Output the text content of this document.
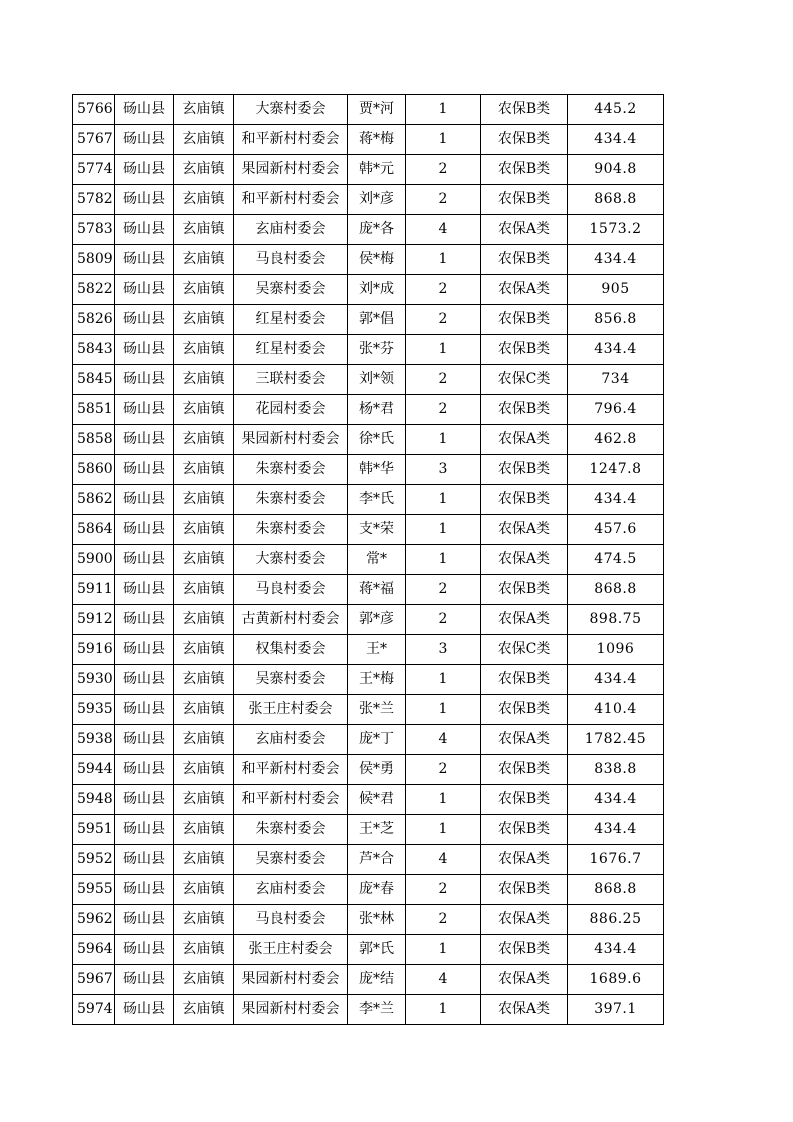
5766	砀山县	玄庙镇	大寨村委会	贾*河	1	农保B类	445.2
5767	砀山县	玄庙镇	和平新村村委会	蒋*梅	1	农保B类	434.4
5774	砀山县	玄庙镇	果园新村村委会	韩*元	2	农保B类	904.8
5782	砀山县	玄庙镇	和平新村村委会	刘*彦	2	农保B类	868.8
5783	砀山县	玄庙镇	玄庙村委会	庞*各	4	农保A类	1573.2
5809	砀山县	玄庙镇	马良村委会	侯*梅	1	农保B类	434.4
5822	砀山县	玄庙镇	吴寨村委会	刘*成	2	农保A类	905
5826	砀山县	玄庙镇	红星村委会	郭*倡	2	农保B类	856.8
5843	砀山县	玄庙镇	红星村委会	张*芬	1	农保B类	434.4
5845	砀山县	玄庙镇	三联村委会	刘*领	2	农保C类	734
5851	砀山县	玄庙镇	花园村委会	杨*君	2	农保B类	796.4
5858	砀山县	玄庙镇	果园新村村委会	徐*氏	1	农保A类	462.8
5860	砀山县	玄庙镇	朱寨村委会	韩*华	3	农保B类	1247.8
5862	砀山县	玄庙镇	朱寨村委会	李*氏	1	农保B类	434.4
5864	砀山县	玄庙镇	朱寨村委会	支*荣	1	农保A类	457.6
5900	砀山县	玄庙镇	大寨村委会	常*	1	农保A类	474.5
5911	砀山县	玄庙镇	马良村委会	蒋*福	2	农保B类	868.8
5912	砀山县	玄庙镇	古黄新村村委会	郭*彦	2	农保A类	898.75
5916	砀山县	玄庙镇	权集村委会	王*	3	农保C类	1096
5930	砀山县	玄庙镇	吴寨村委会	王*梅	1	农保B类	434.4
5935	砀山县	玄庙镇	张王庄村委会	张*兰	1	农保B类	410.4
5938	砀山县	玄庙镇	玄庙村委会	庞*丁	4	农保A类	1782.45
5944	砀山县	玄庙镇	和平新村村委会	侯*勇	2	农保B类	838.8
5948	砀山县	玄庙镇	和平新村村委会	候*君	1	农保B类	434.4
5951	砀山县	玄庙镇	朱寨村委会	王*芝	1	农保B类	434.4
5952	砀山县	玄庙镇	吴寨村委会	芦*合	4	农保A类	1676.7
5955	砀山县	玄庙镇	玄庙村委会	庞*春	2	农保B类	868.8
5962	砀山县	玄庙镇	马良村委会	张*林	2	农保A类	886.25
5964	砀山县	玄庙镇	张王庄村委会	郭*氏	1	农保B类	434.4
5967	砀山县	玄庙镇	果园新村村委会	庞*结	4	农保A类	1689.6
5974	砀山县	玄庙镇	果园新村村委会	李*兰	1	农保A类	397.1
